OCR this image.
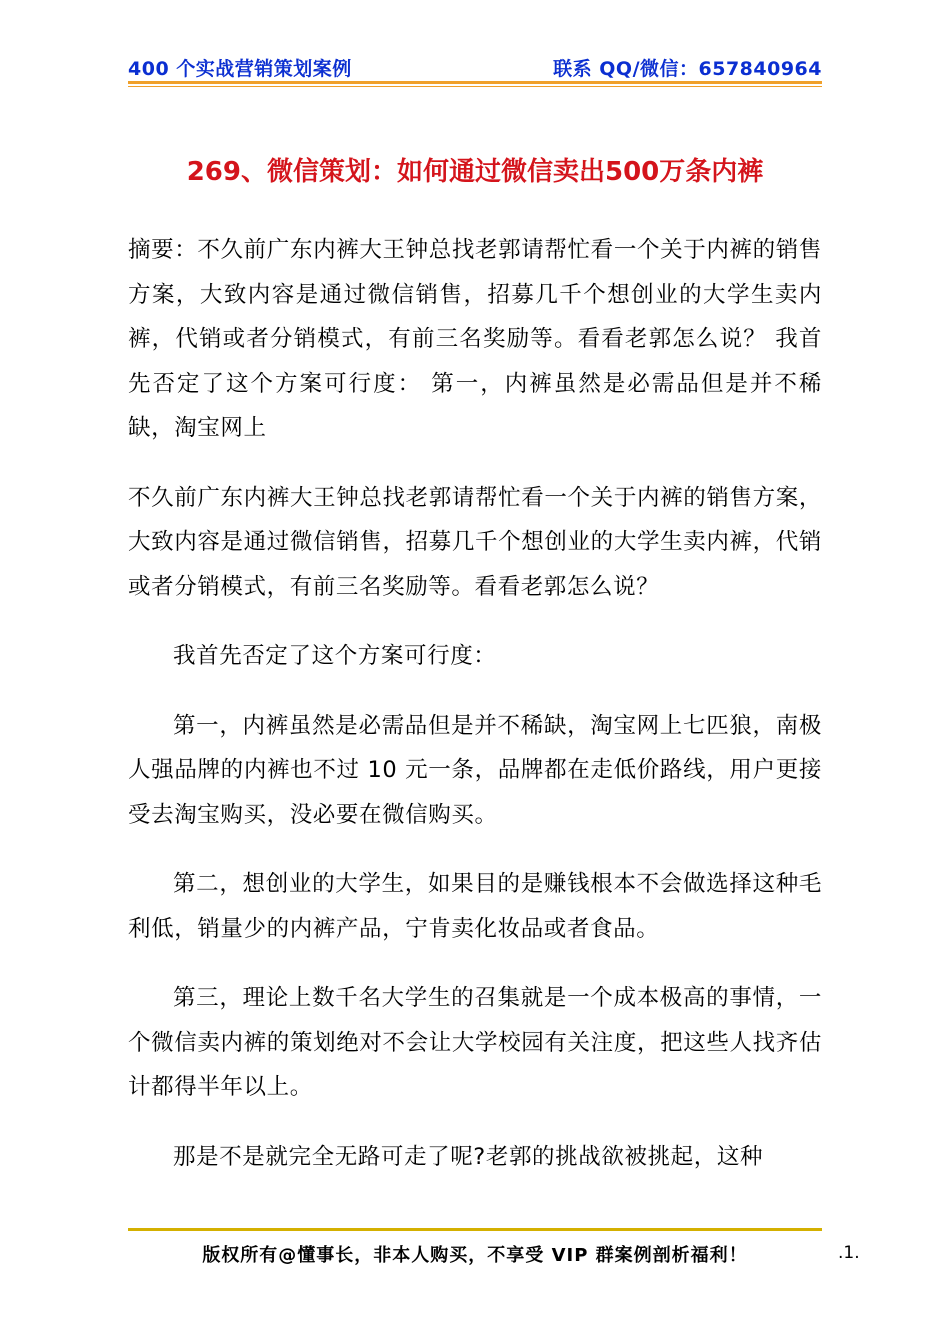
400 个实战营销策划案例	联系 QQ/微信：657840964
269、微信策划：如何通过微信卖出500万条内裤

摘要：不久前广东内裤大王钟总找老郭请帮忙看一个关于内裤的销售方案，大致内容是通过微信销售，招募几千个想创业的大学生卖内裤，代销或者分销模式，有前三名奖励等。看看老郭怎么说？ 我首先否定了这个方案可行度： 第一，内裤虽然是必需品但是并不稀缺，淘宝网上

不久前广东内裤大王钟总找老郭请帮忙看一个关于内裤的销售方案，大致内容是通过微信销售，招募几千个想创业的大学生卖内裤，代销或者分销模式，有前三名奖励等。看看老郭怎么说？

我首先否定了这个方案可行度：

第一，内裤虽然是必需品但是并不稀缺，淘宝网上七匹狼，南极人强品牌的内裤也不过 10 元一条，品牌都在走低价路线，用户更接受去淘宝购买，没必要在微信购买。

第二，想创业的大学生，如果目的是赚钱根本不会做选择这种毛利低，销量少的内裤产品，宁肯卖化妆品或者食品。

第三，理论上数千名大学生的召集就是一个成本极高的事情，一个微信卖内裤的策划绝对不会让大学校园有关注度，把这些人找齐估计都得半年以上。

那是不是就完全无路可走了呢?老郭的挑战欲被挑起，这种

版权所有@懂事长，非本人购买，不享受 VIP 群案例剖析福利！	.1.
